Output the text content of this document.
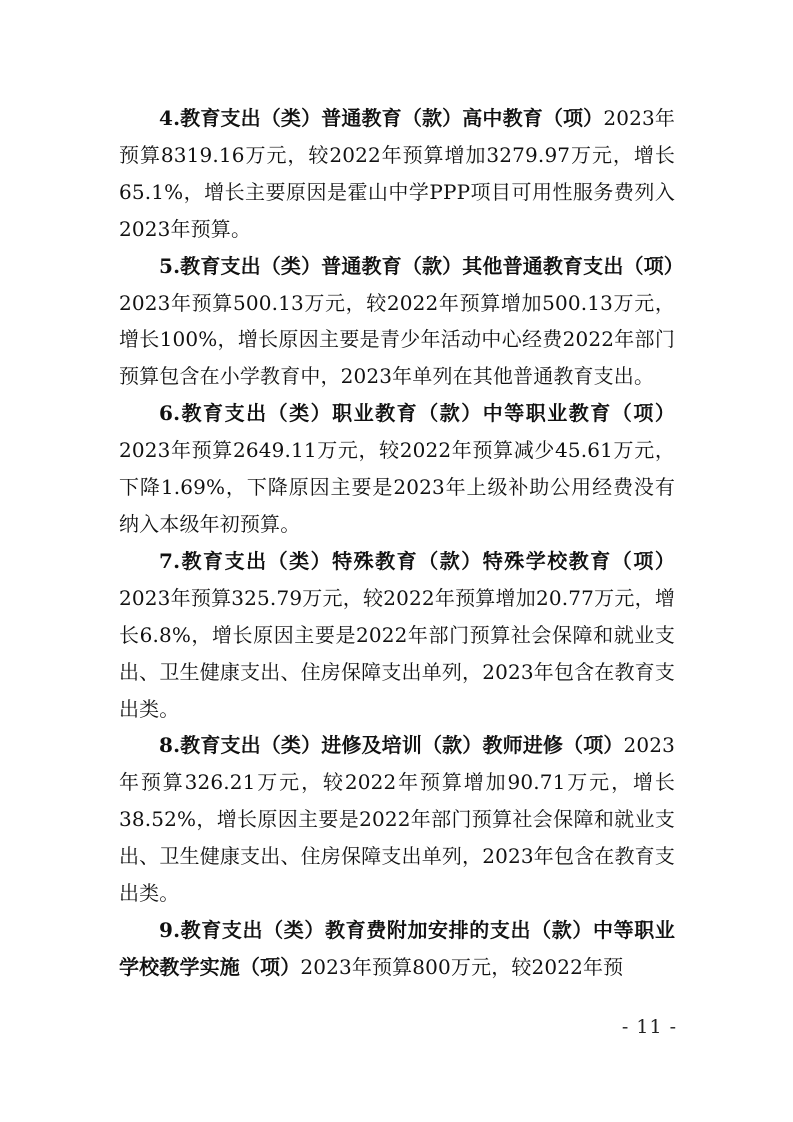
4.教育支出（类）普通教育（款）高中教育（项）2023年预算8319.16万元，较2022年预算增加3279.97万元，增长65.1%，增长主要原因是霍山中学PPP项目可用性服务费列入2023年预算。

5.教育支出（类）普通教育（款）其他普通教育支出（项）2023年预算500.13万元，较2022年预算增加500.13万元，增长100%，增长原因主要是青少年活动中心经费2022年部门预算包含在小学教育中，2023年单列在其他普通教育支出。

6.教育支出（类）职业教育（款）中等职业教育（项）2023年预算2649.11万元，较2022年预算减少45.61万元，下降1.69%，下降原因主要是2023年上级补助公用经费没有纳入本级年初预算。

7.教育支出（类）特殊教育（款）特殊学校教育（项）2023年预算325.79万元，较2022年预算增加20.77万元，增长6.8%，增长原因主要是2022年部门预算社会保障和就业支出、卫生健康支出、住房保障支出单列，2023年包含在教育支出类。

8.教育支出（类）进修及培训（款）教师进修（项）2023年预算326.21万元，较2022年预算增加90.71万元，增长38.52%，增长原因主要是2022年部门预算社会保障和就业支出、卫生健康支出、住房保障支出单列，2023年包含在教育支出类。

9.教育支出（类）教育费附加安排的支出（款）中等职业学校教学实施（项）2023年预算800万元，较2022年预

- 11 -
